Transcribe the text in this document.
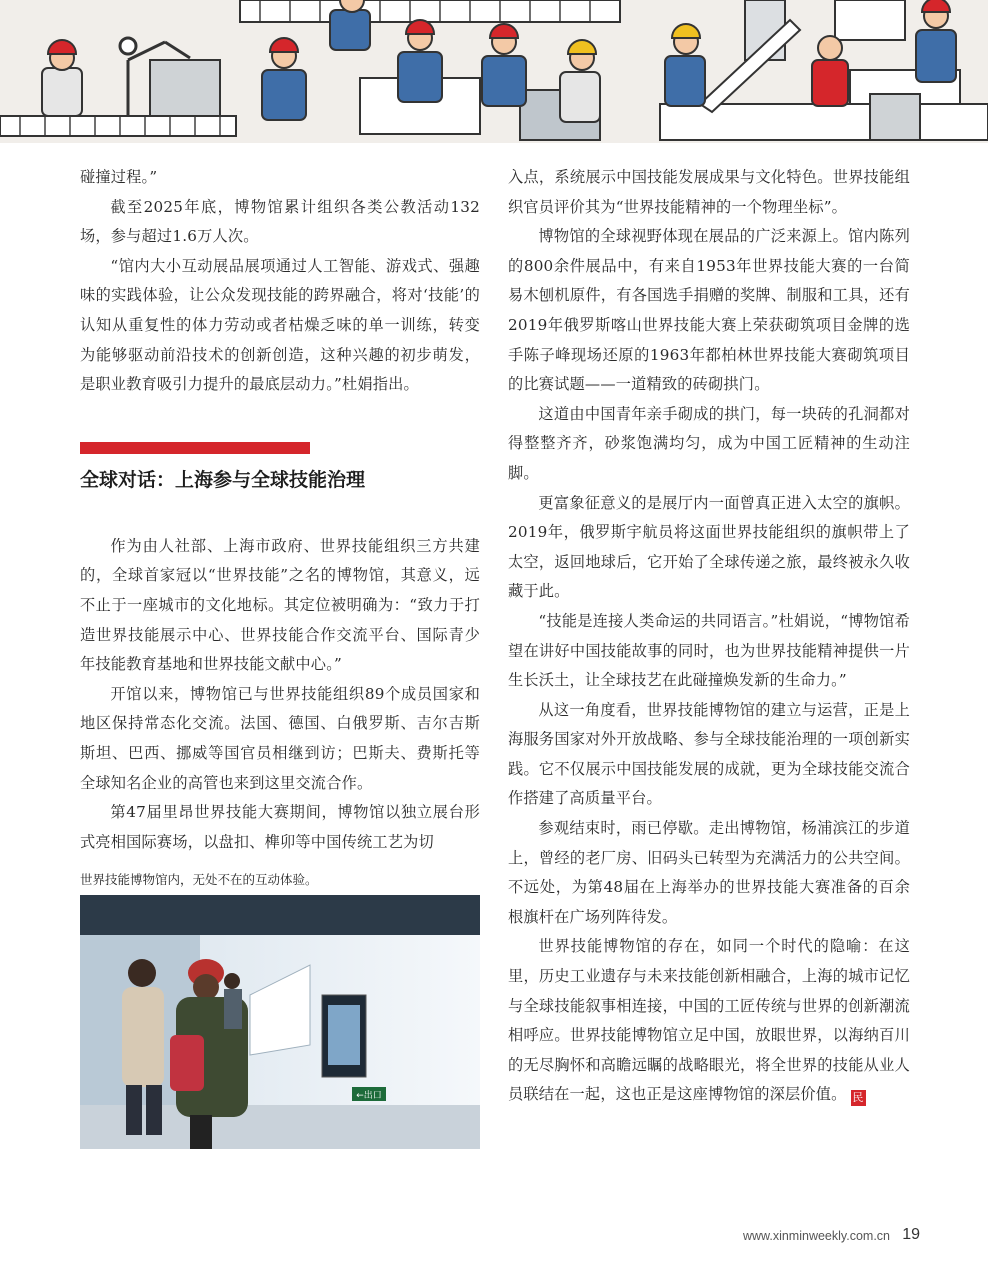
碰撞过程。”

截至2025年底，博物馆累计组织各类公教活动132场，参与超过1.6万人次。

“馆内大小互动展品展项通过人工智能、游戏式、强趣味的实践体验，让公众发现技能的跨界融合，将对‘技能’的认知从重复性的体力劳动或者枯燥乏味的单一训练，转变为能够驱动前沿技术的创新创造，这种兴趣的初步萌发，是职业教育吸引力提升的最底层动力。”杜娟指出。

全球对话：上海参与全球技能治理

作为由人社部、上海市政府、世界技能组织三方共建的，全球首家冠以“世界技能”之名的博物馆，其意义，远不止于一座城市的文化地标。其定位被明确为：“致力于打造世界技能展示中心、世界技能合作交流平台、国际青少年技能教育基地和世界技能文献中心。”

开馆以来，博物馆已与世界技能组织89个成员国家和地区保持常态化交流。法国、德国、白俄罗斯、吉尔吉斯斯坦、巴西、挪威等国官员相继到访；巴斯夫、费斯托等全球知名企业的高管也来到这里交流合作。

第47届里昂世界技能大赛期间，博物馆以独立展台形式亮相国际赛场，以盘扣、榫卯等中国传统工艺为切

世界技能博物馆内，无处不在的互动体验。
←出口

入点，系统展示中国技能发展成果与文化特色。世界技能组织官员评价其为“世界技能精神的一个物理坐标”。

博物馆的全球视野体现在展品的广泛来源上。馆内陈列的800余件展品中，有来自1953年世界技能大赛的一台简易木刨机原件，有各国选手捐赠的奖牌、制服和工具，还有2019年俄罗斯喀山世界技能大赛上荣获砌筑项目金牌的选手陈子峰现场还原的1963年都柏林世界技能大赛砌筑项目的比赛试题——一道精致的砖砌拱门。

这道由中国青年亲手砌成的拱门，每一块砖的孔洞都对得整整齐齐，砂浆饱满均匀，成为中国工匠精神的生动注脚。

更富象征意义的是展厅内一面曾真正进入太空的旗帜。2019年，俄罗斯宇航员将这面世界技能组织的旗帜带上了太空，返回地球后，它开始了全球传递之旅，最终被永久收藏于此。

“技能是连接人类命运的共同语言。”杜娟说，“博物馆希望在讲好中国技能故事的同时，也为世界技能精神提供一片生长沃土，让全球技艺在此碰撞焕发新的生命力。”

从这一角度看，世界技能博物馆的建立与运营，正是上海服务国家对外开放战略、参与全球技能治理的一项创新实践。它不仅展示中国技能发展的成就，更为全球技能交流合作搭建了高质量平台。

参观结束时，雨已停歇。走出博物馆，杨浦滨江的步道上，曾经的老厂房、旧码头已转型为充满活力的公共空间。不远处，为第48届在上海举办的世界技能大赛准备的百余根旗杆在广场列阵待发。

世界技能博物馆的存在，如同一个时代的隐喻：在这里，历史工业遗存与未来技能创新相融合，上海的城市记忆与全球技能叙事相连接，中国的工匠传统与世界的创新潮流相呼应。世界技能博物馆立足中国，放眼世界，以海纳百川的无尽胸怀和高瞻远瞩的战略眼光，将全世界的技能从业人员联结在一起，这也正是这座博物馆的深层价值。 民

www.xinminweekly.com.cn 19
